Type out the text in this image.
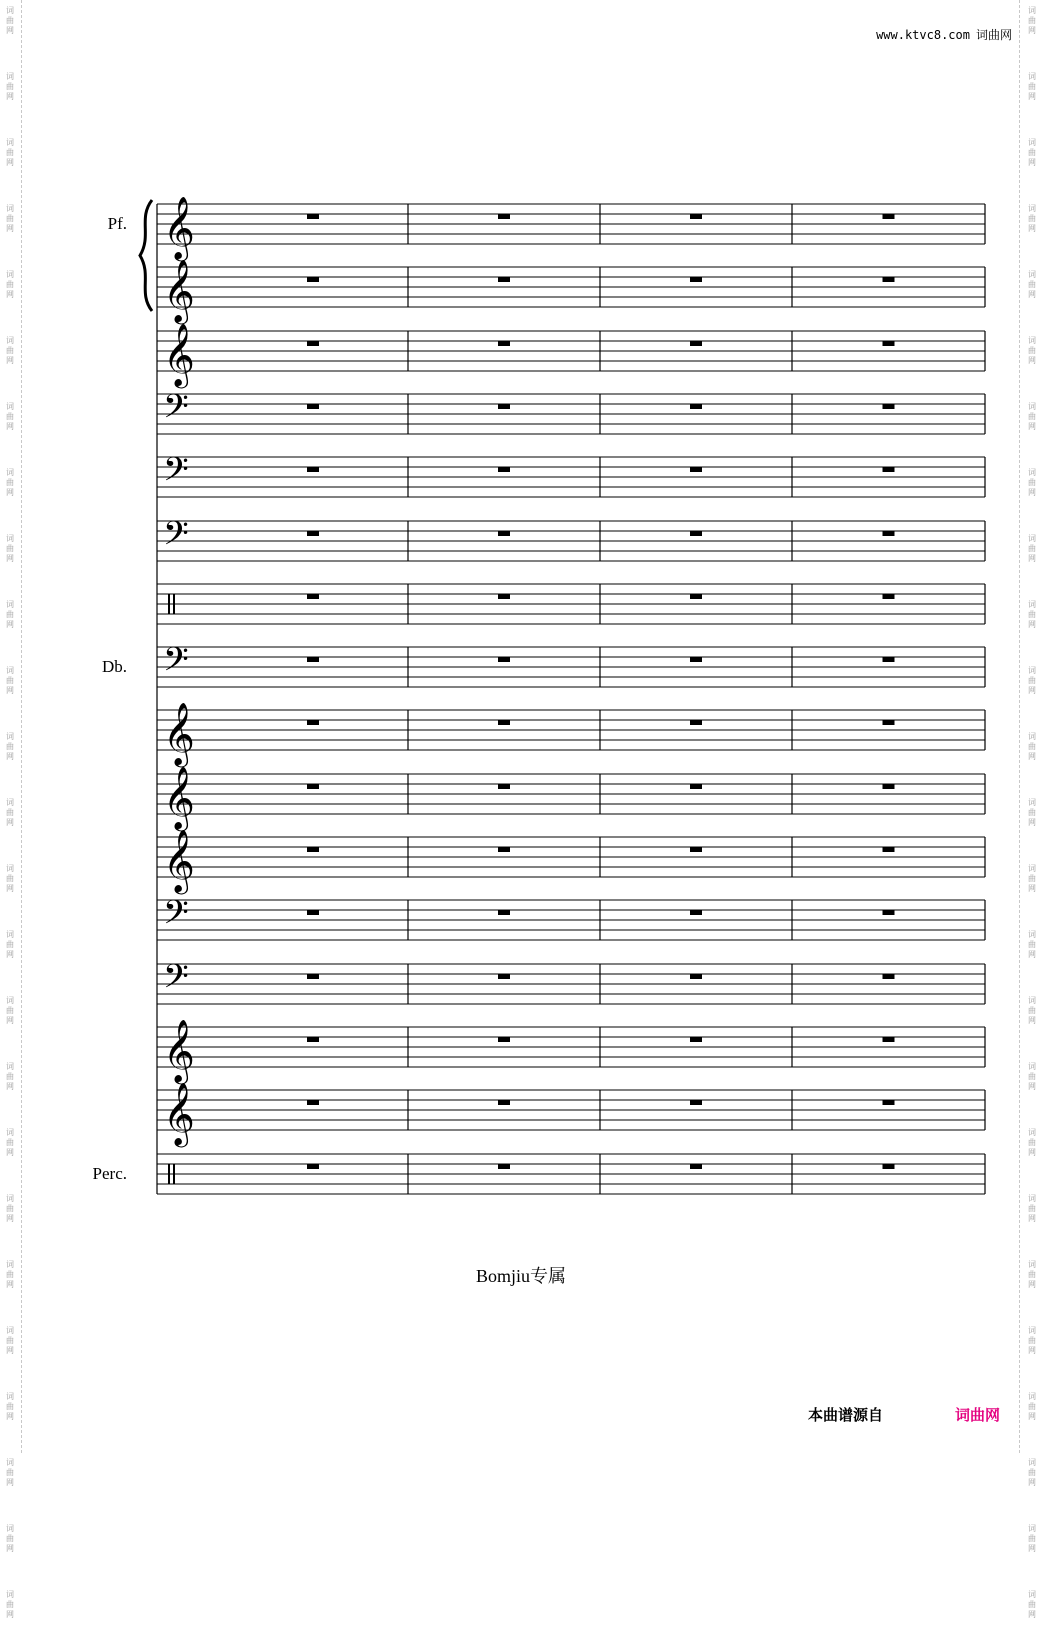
词
曲
网
词
曲
网
词
曲
网
词
曲
网
词
曲
网
词
曲
网
词
曲
网
词
曲
网
词
曲
网
词
曲
网
词
曲
网
词
曲
网
词
曲
网
词
曲
网
词
曲
网
词
曲
网
词
曲
网
词
曲
网
词
曲
网
词
曲
网
词
曲
网
词
曲
网
词
曲
网
词
曲
网
词
曲
网
词
曲
网
词
曲
网
词
曲
网
词
曲
网
词
曲
网
词
曲
网
词
曲
网
词
曲
网
词
曲
网
词
曲
网
词
曲
网
词
曲
网
词
曲
网
词
曲
网
词
曲
网
词
曲
网
词
曲
网
词
曲
网
词
曲
网
词
曲
网
词
曲
网
词
曲
网
词
曲
网
词
曲
网
词
曲
网
www.ktvc8.com 词曲网
𝄞
𝄞
𝄞
𝄢
𝄢
𝄢
𝄢
𝄞
𝄞
𝄞
𝄢
𝄢
𝄞
𝄞
Pf.
Db.
Perc.
Bomjiu专属
本曲谱源自	词曲网
